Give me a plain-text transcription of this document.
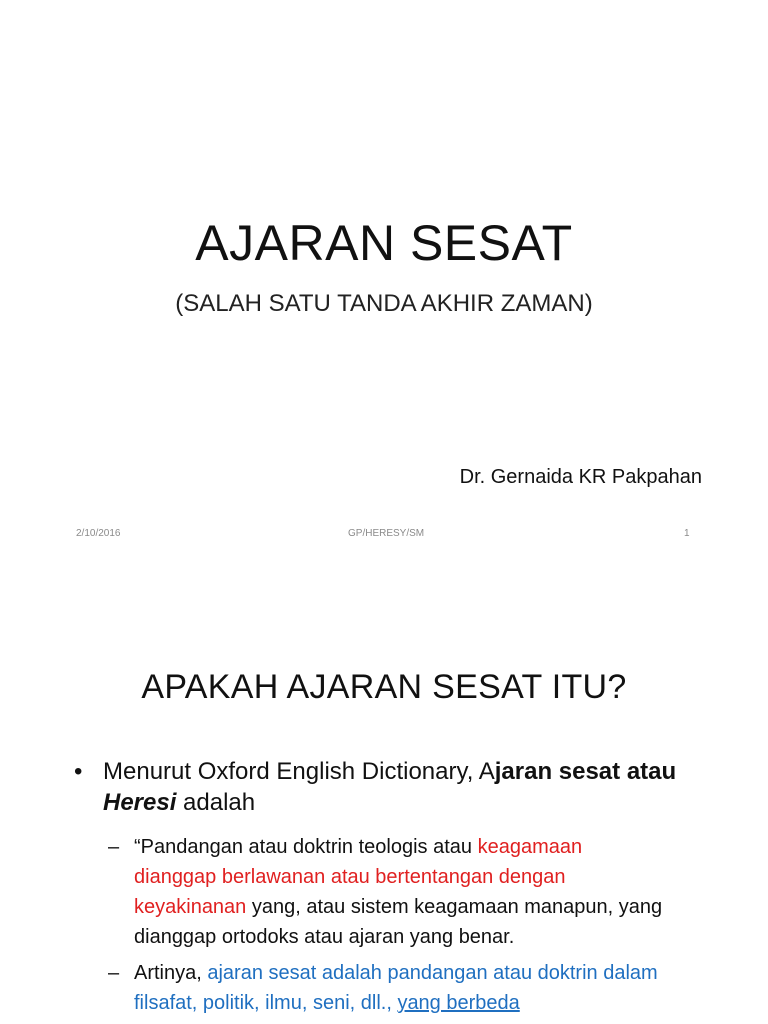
AJARAN SESAT
(SALAH SATU TANDA AKHIR ZAMAN)
Dr. Gernaida KR Pakpahan
2/10/2016	GP/HERESY/SM	1
APAKAH AJARAN SESAT ITU?
• Menurut Oxford English Dictionary, Ajaran sesat atau Heresi adalah
– “Pandangan atau doktrin teologis atau keagamaan dianggap berlawanan atau bertentangan dengan keyakinanan yang, atau sistem keagamaan manapun, yang dianggap ortodoks atau ajaran yang benar.
– Artinya, ajaran sesat adalah pandangan atau doktrin dalam filsafat, politik, ilmu, seni, dll., yang berbeda
